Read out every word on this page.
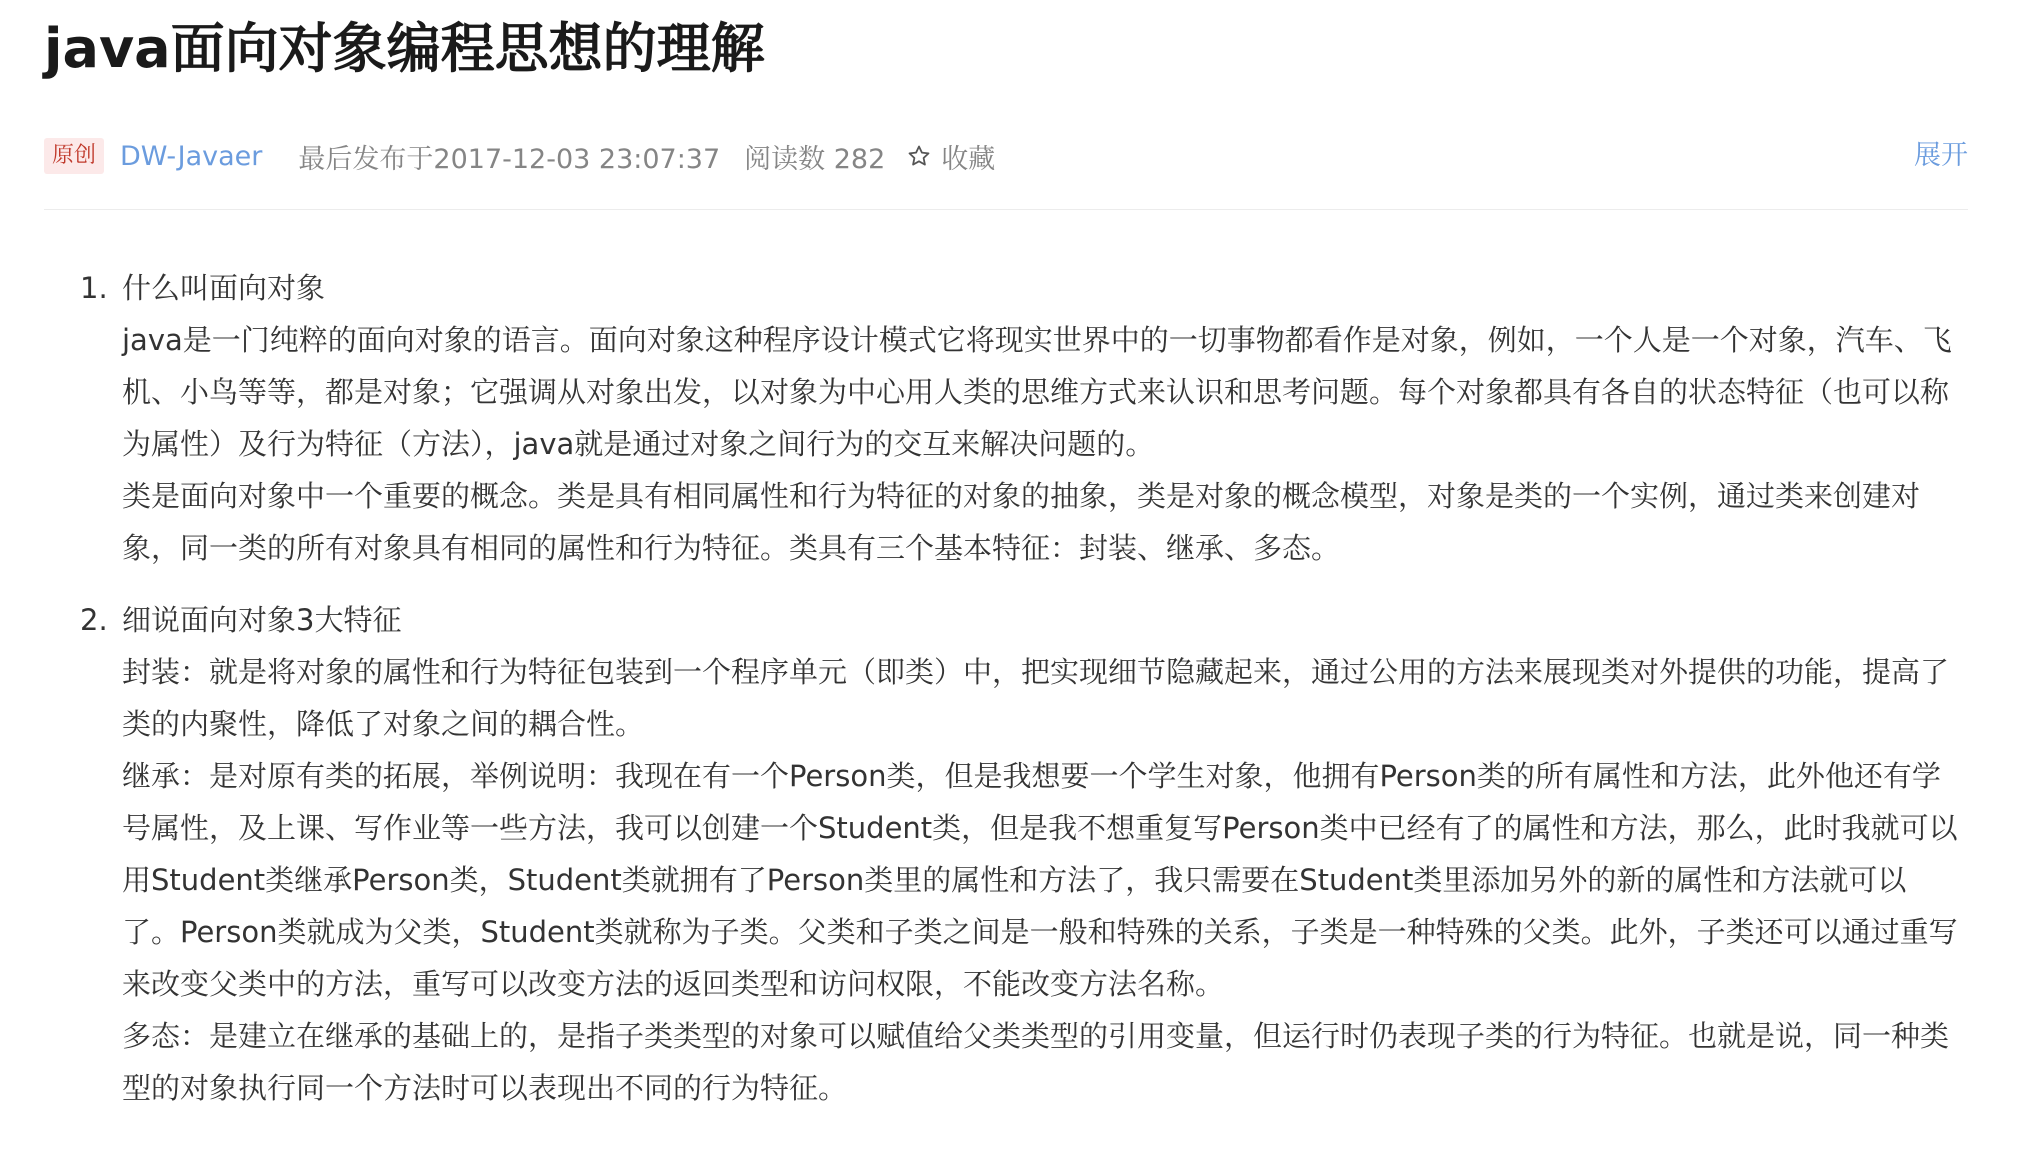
java面向对象编程思想的理解
原创 DW-Javaer 最后发布于2017-12-03 23:07:37 阅读数 282 收藏	展开
1. 什么叫面向对象

java是一门纯粹的面向对象的语言。面向对象这种程序设计模式它将现实世界中的一切事物都看作是对象，例如，一个人是一个对象，汽车、飞机、小鸟等等，都是对象；它强调从对象出发，以对象为中心用人类的思维方式来认识和思考问题。每个对象都具有各自的状态特征（也可以称为属性）及行为特征（方法），java就是通过对象之间行为的交互来解决问题的。

类是面向对象中一个重要的概念。类是具有相同属性和行为特征的对象的抽象，类是对象的概念模型，对象是类的一个实例，通过类来创建对象，同一类的所有对象具有相同的属性和行为特征。类具有三个基本特征：封装、继承、多态。

2. 细说面向对象3大特征

封装：就是将对象的属性和行为特征包装到一个程序单元（即类）中，把实现细节隐藏起来，通过公用的方法来展现类对外提供的功能，提高了类的内聚性，降低了对象之间的耦合性。

继承：是对原有类的拓展，举例说明：我现在有一个Person类，但是我想要一个学生对象，他拥有Person类的所有属性和方法，此外他还有学号属性，及上课、写作业等一些方法，我可以创建一个Student类，但是我不想重复写Person类中已经有了的属性和方法，那么，此时我就可以用Student类继承Person类，Student类就拥有了Person类里的属性和方法了，我只需要在Student类里添加另外的新的属性和方法就可以了。Person类就成为父类，Student类就称为子类。父类和子类之间是一般和特殊的关系，子类是一种特殊的父类。此外，子类还可以通过重写来改变父类中的方法，重写可以改变方法的返回类型和访问权限，不能改变方法名称。

多态：是建立在继承的基础上的，是指子类类型的对象可以赋值给父类类型的引用变量，但运行时仍表现子类的行为特征。也就是说，同一种类型的对象执行同一个方法时可以表现出不同的行为特征。
